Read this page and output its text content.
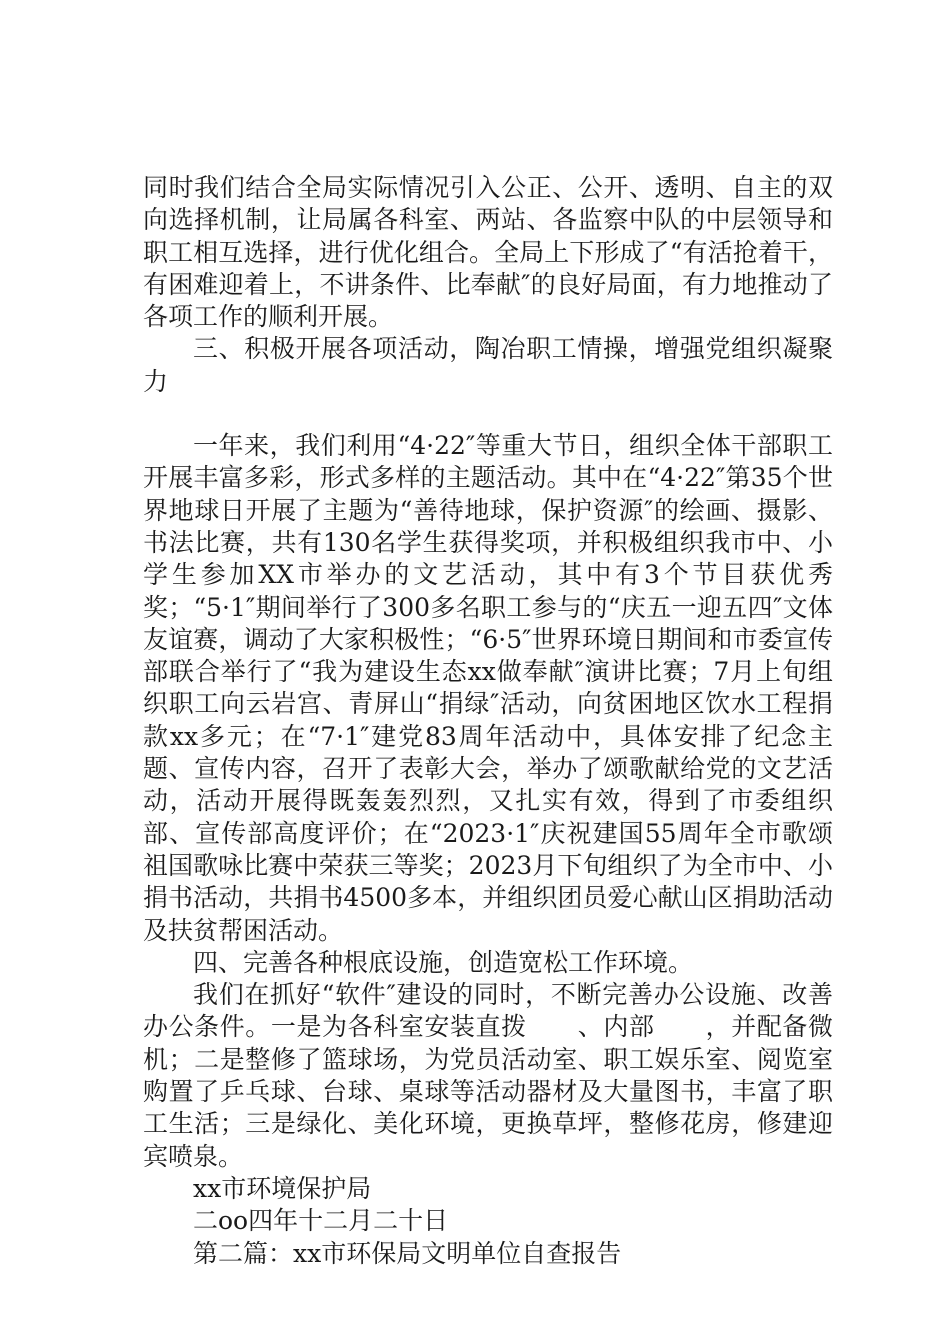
同时我们结合全局实际情况引入公正、公开、透明、自主的双向选择机制，让局属各科室、两站、各监察中队的中层领导和职工相互选择，进行优化组合。全局上下形成了“有活抢着干，有困难迎着上，不讲条件、比奉献″的良好局面，有力地推动了各项工作的顺利开展。

三、积极开展各项活动，陶冶职工情操，增强党组织凝聚力

一年来，我们利用“4·22″等重大节日，组织全体干部职工开展丰富多彩，形式多样的主题活动。其中在“4·22″第35个世界地球日开展了主题为“善待地球，保护资源″的绘画、摄影、书法比赛，共有130名学生获得奖项，并积极组织我市中、小学生参加XX市举办的文艺活动，其中有3个节目获优秀奖；“5·1″期间举行了300多名职工参与的“庆五一迎五四″文体友谊赛，调动了大家积极性；“6·5″世界环境日期间和市委宣传部联合举行了“我为建设生态xx做奉献″演讲比赛；7月上旬组织职工向云岩宫、青屏山“捐绿″活动，向贫困地区饮水工程捐款xx多元；在“7·1″建党83周年活动中，具体安排了纪念主题、宣传内容，召开了表彰大会，举办了颂歌献给党的文艺活动，活动开展得既轰轰烈烈，又扎实有效，得到了市委组织部、宣传部高度评价；在“2023·1″庆祝建国55周年全市歌颂祖国歌咏比赛中荣获三等奖；2023月下旬组织了为全市中、小捐书活动，共捐书4500多本，并组织团员爱心献山区捐助活动及扶贫帮困活动。

四、完善各种根底设施，创造宽松工作环境。

我们在抓好“软件″建设的同时，不断完善办公设施、改善办公条件。一是为各科室安装直拨　　、内部　　，并配备微机；二是整修了篮球场，为党员活动室、职工娱乐室、阅览室购置了乒乓球、台球、桌球等活动器材及大量图书，丰富了职工生活；三是绿化、美化环境，更换草坪，整修花房，修建迎宾喷泉。

xx市环境保护局

二oo四年十二月二十日

第二篇：xx市环保局文明单位自查报告
